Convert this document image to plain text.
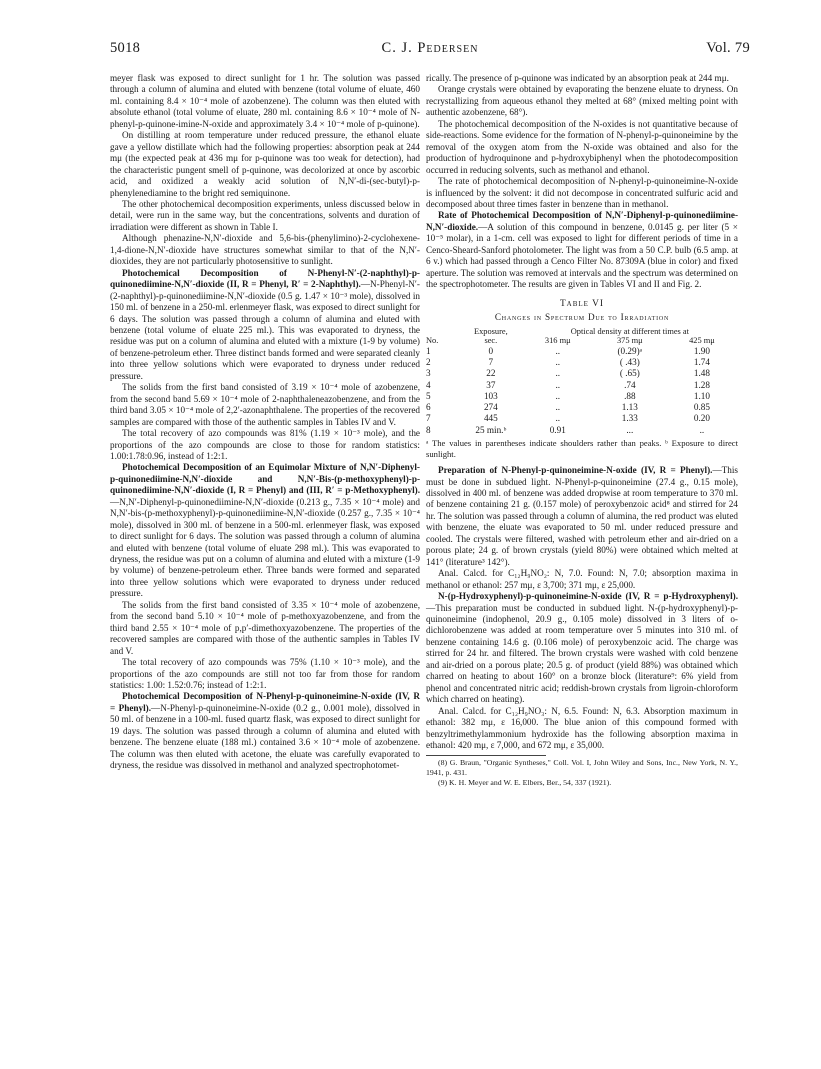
5018	C. J. Pedersen	Vol. 79

meyer flask was exposed to direct sunlight for 1 hr. The solution was passed through a column of alumina and eluted with benzene (total volume of eluate, 460 ml. containing 8.4 × 10⁻⁴ mole of azobenzene). The column was then eluted with absolute ethanol (total volume of eluate, 280 ml. containing 8.6 × 10⁻⁴ mole of N-phenyl-p-quinone-imine-N-oxide and approximately 3.4 × 10⁻⁴ mole of p-quinone).

On distilling at room temperature under reduced pressure, the ethanol eluate gave a yellow distillate which had the following properties: absorption peak at 244 mμ (the expected peak at 436 mμ for p-quinone was too weak for detection), had the characteristic pungent smell of p-quinone, was decolorized at once by ascorbic acid, and oxidized a weakly acid solution of N,N′-di-(sec-butyl)-p-phenylenediamine to the bright red semiquinone.

The other photochemical decomposition experiments, unless discussed below in detail, were run in the same way, but the concentrations, solvents and duration of irradiation were different as shown in Table I.

Although phenazine-N,N′-dioxide and 5,6-bis-(phenylimino)-2-cyclohexene-1,4-dione-N,N′-dioxide have structures somewhat similar to that of the N,N′-dioxides, they are not particularly photosensitive to sunlight.

Photochemical Decomposition of N-Phenyl-N′-(2-naphthyl)-p-quinonediimine-N,N′-dioxide (II, R = Phenyl, R′ = 2-Naphthyl).—N-Phenyl-N′-(2-naphthyl)-p-quinonediimine-N,N′-dioxide (0.5 g. 1.47 × 10⁻³ mole), dissolved in 150 ml. of benzene in a 250-ml. erlenmeyer flask, was exposed to direct sunlight for 6 days. The solution was passed through a column of alumina and eluted with benzene (total volume of eluate 225 ml.). This was evaporated to dryness, the residue was put on a column of alumina and eluted with a mixture (1-9 by volume) of benzene-petroleum ether. Three distinct bands formed and were separated cleanly into three yellow solutions which were evaporated to dryness under reduced pressure.

The solids from the first band consisted of 3.19 × 10⁻⁴ mole of azobenzene, from the second band 5.69 × 10⁻⁴ mole of 2-naphthaleneazobenzene, and from the third band 3.05 × 10⁻⁴ mole of 2,2′-azonaphthalene. The properties of the recovered samples are compared with those of the authentic samples in Tables IV and V.

The total recovery of azo compounds was 81% (1.19 × 10⁻³ mole), and the proportions of the azo compounds are close to those for random statistics: 1.00:1.78:0.96, instead of 1:2:1.

Photochemical Decomposition of an Equimolar Mixture of N,N′-Diphenyl-p-quinonediimine-N,N′-dioxide and N,N′-Bis-(p-methoxyphenyl)-p-quinonediimine-N,N′-dioxide (I, R = Phenyl) and (III, R′ = p-Methoxyphenyl).—N,N′-Diphenyl-p-quinonediimine-N,N′-dioxide (0.213 g., 7.35 × 10⁻⁴ mole) and N,N′-bis-(p-methoxyphenyl)-p-quinonediimine-N,N′-dioxide (0.257 g., 7.35 × 10⁻⁴ mole), dissolved in 300 ml. of benzene in a 500-ml. erlenmeyer flask, was exposed to direct sunlight for 6 days. The solution was passed through a column of alumina and eluted with benzene (total volume of eluate 298 ml.). This was evaporated to dryness, the residue was put on a column of alumina and eluted with a mixture (1-9 by volume) of benzene-petroleum ether. Three bands were formed and separated into three yellow solutions which were evaporated to dryness under reduced pressure.

The solids from the first band consisted of 3.35 × 10⁻⁴ mole of azobenzene, from the second band 5.10 × 10⁻⁴ mole of p-methoxyazobenzene, and from the third band 2.55 × 10⁻⁴ mole of p,p′-dimethoxyazobenzene. The properties of the recovered samples are compared with those of the authentic samples in Tables IV and V.

The total recovery of azo compounds was 75% (1.10 × 10⁻³ mole), and the proportions of the azo compounds are still not too far from those for random statistics: 1.00: 1.52:0.76; instead of 1:2:1.

Photochemical Decomposition of N-Phenyl-p-quinoneimine-N-oxide (IV, R = Phenyl).—N-Phenyl-p-quinoneimine-N-oxide (0.2 g., 0.001 mole), dissolved in 50 ml. of benzene in a 100-ml. fused quartz flask, was exposed to direct sunlight for 19 days. The solution was passed through a column of alumina and eluted with benzene. The benzene eluate (188 ml.) contained 3.6 × 10⁻⁴ mole of azobenzene. The column was then eluted with acetone, the eluate was carefully evaporated to dryness, the residue was dissolved in methanol and analyzed spectrophotomet-

rically. The presence of p-quinone was indicated by an absorption peak at 244 mμ.

Orange crystals were obtained by evaporating the benzene eluate to dryness. On recrystallizing from aqueous ethanol they melted at 68° (mixed melting point with authentic azobenzene, 68°).

The photochemical decomposition of the N-oxides is not quantitative because of side-reactions. Some evidence for the formation of N-phenyl-p-quinoneimine by the removal of the oxygen atom from the N-oxide was obtained and also for the production of hydroquinone and p-hydroxybiphenyl when the photodecomposition occurred in reducing solvents, such as methanol and ethanol.

The rate of photochemical decomposition of N-phenyl-p-quinoneimine-N-oxide is influenced by the solvent: it did not decompose in concentrated sulfuric acid and decomposed about three times faster in benzene than in methanol.

Rate of Photochemical Decomposition of N,N′-Diphenyl-p-quinonediimine-N,N′-dioxide.—A solution of this compound in benzene, 0.0145 g. per liter (5 × 10⁻⁵ molar), in a 1-cm. cell was exposed to light for different periods of time in a Cenco-Sheard-Sanford photolometer. The light was from a 50 C.P. bulb (6.5 amp. at 6 v.) which had passed through a Cenco Filter No. 87309A (blue in color) and fixed aperture. The solution was removed at intervals and the spectrum was determined on the spectrophotometer. The results are given in Tables VI and II and Fig. 2.

Table VI
Changes in Spectrum Due to Irradiation
	Exposure,	Optical density at different times at		
No.	sec.	316 mμ	375 mμ	425 mμ
1	0	..	(0.29)ᵃ	1.90
2	7	..	( .43)	1.74
3	22	..	( .65)	1.48
4	37	..	.74	1.28
5	103	..	.88	1.10
6	274	..	1.13	0.85
7	445	..	1.33	0.20
8	25 min.ᵇ	0.91	...	..
ᵃ The values in parentheses indicate shoulders rather than peaks. ᵇ Exposure to direct sunlight.

Preparation of N-Phenyl-p-quinoneimine-N-oxide (IV, R = Phenyl).—This must be done in subdued light. N-Phenyl-p-quinoneimine (27.4 g., 0.15 mole), dissolved in 400 ml. of benzene was added dropwise at room temperature to 370 ml. of benzene containing 21 g. (0.157 mole) of peroxybenzoic acid⁸ and stirred for 24 hr. The solution was passed through a column of alumina, the red product was eluted with benzene, the eluate was evaporated to 50 ml. under reduced pressure and cooled. The crystals were filtered, washed with petroleum ether and air-dried on a porous plate; 24 g. of brown crystals (yield 80%) were obtained which melted at 141° (literature³ 142°).

Anal. Calcd. for C₁₂H₉NO₂: N, 7.0. Found: N, 7.0; absorption maxima in methanol or ethanol: 257 mμ, ε 3,700; 371 mμ, ε 25,000.

N-(p-Hydroxyphenyl)-p-quinoneimine-N-oxide (IV, R = p-Hydroxyphenyl).—This preparation must be conducted in subdued light. N-(p-hydroxyphenyl)-p-quinoneimine (indophenol, 20.9 g., 0.105 mole) dissolved in 3 liters of o-dichlorobenzene was added at room temperature over 5 minutes into 310 ml. of benzene containing 14.6 g. (0.106 mole) of peroxybenzoic acid. The charge was stirred for 24 hr. and filtered. The brown crystals were washed with cold benzene and air-dried on a porous plate; 20.5 g. of product (yield 88%) was obtained which charred on heating to about 160° on a bronze block (literature⁹: 6% yield from phenol and concentrated nitric acid; reddish-brown crystals from ligroin-chloroform which charred on heating).

Anal. Calcd. for C₁₂H₉NO₃: N, 6.5. Found: N, 6.3. Absorption maximum in ethanol: 382 mμ, ε 16,000. The blue anion of this compound formed with benzyltrimethylammonium hydroxide has the following absorption maxima in ethanol: 420 mμ, ε 7,000, and 672 mμ, ε 35,000.

(8) G. Braun, "Organic Syntheses," Coll. Vol. I, John Wiley and Sons, Inc., New York, N. Y., 1941, p. 431.

(9) K. H. Meyer and W. E. Elbers, Ber., 54, 337 (1921).
